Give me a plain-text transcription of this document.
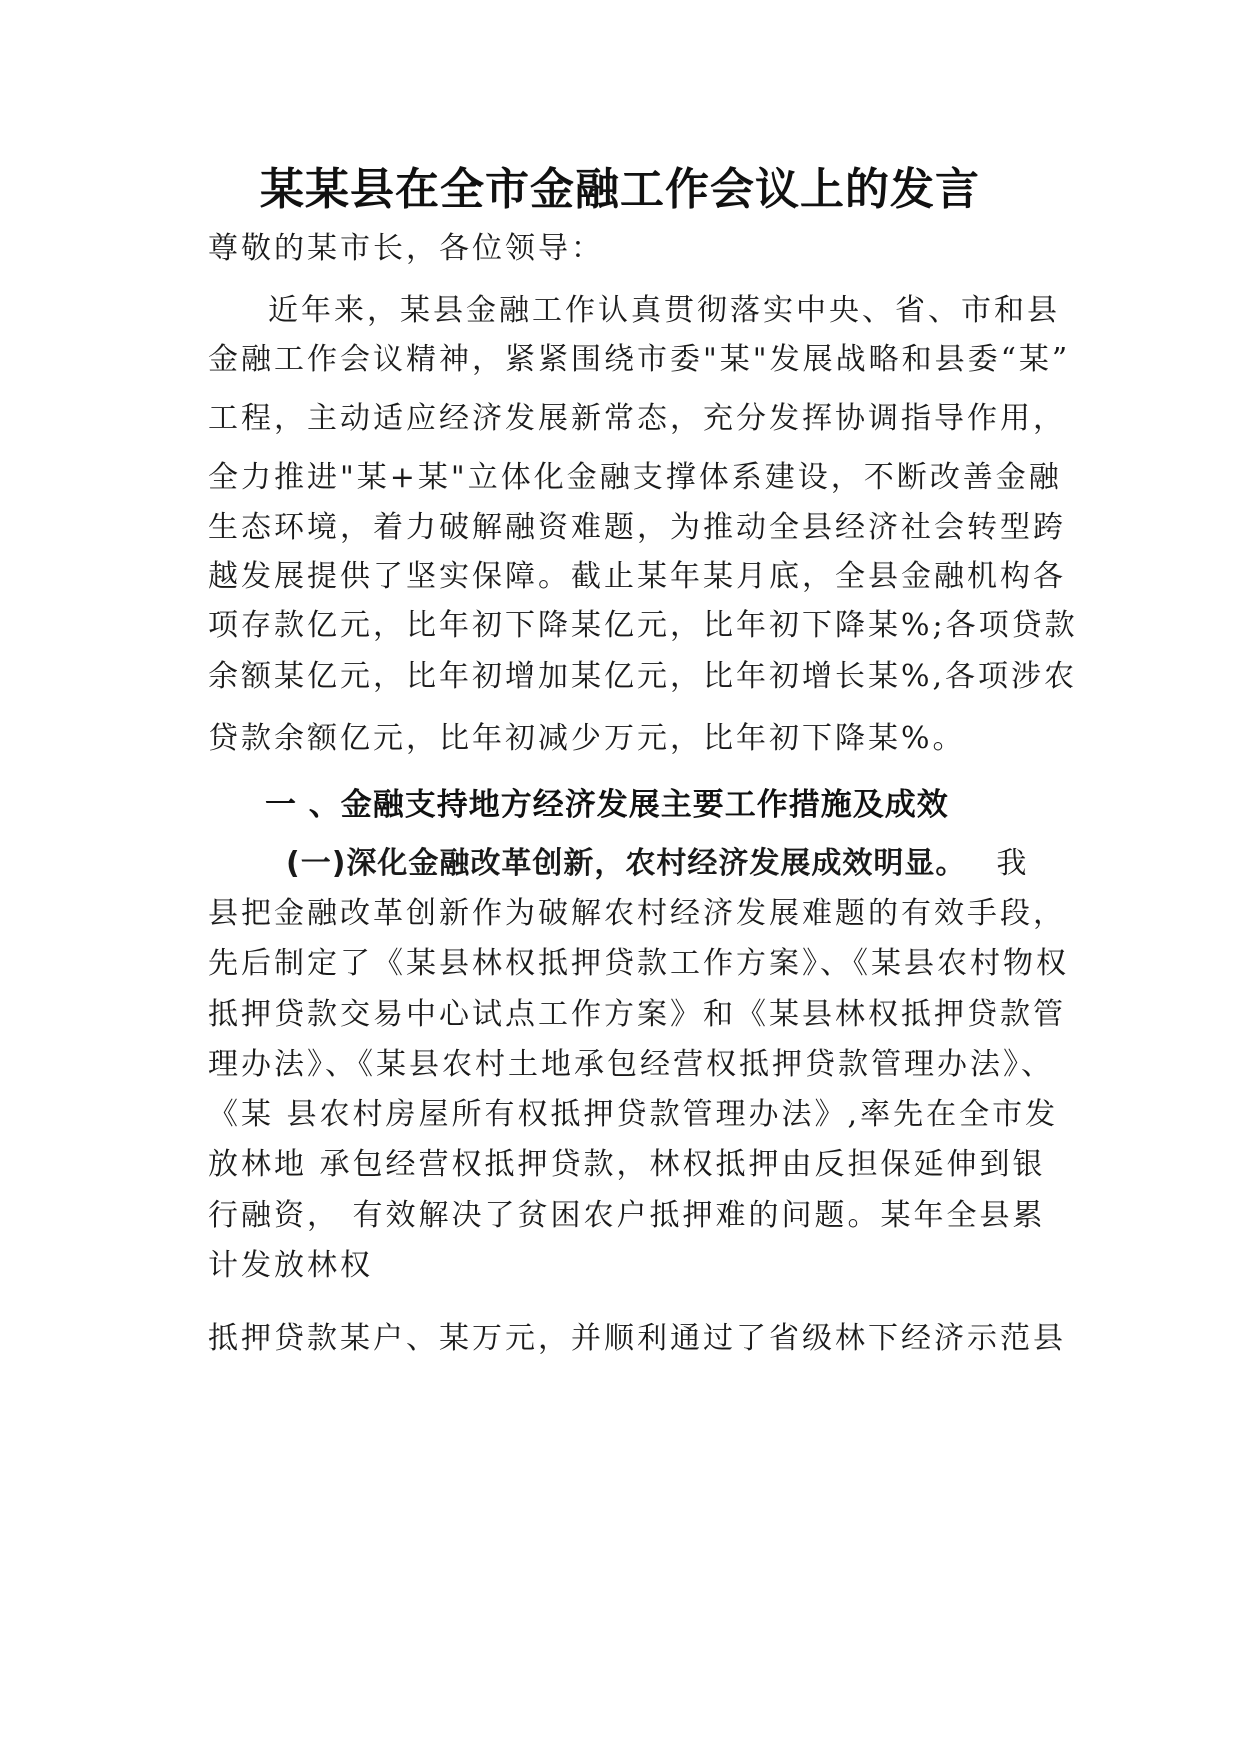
某某县在全市金融工作会议上的发言
尊敬的某市长，各位领导：
近年来，某县金融工作认真贯彻落实中央、省、市和县
金融工作会议精神，紧紧围绕市委"某"发展战略和县委“某”
工程，主动适应经济发展新常态，充分发挥协调指导作用，
全力推进"某+某"立体化金融支撑体系建设，不断改善金融
生态环境，着力破解融资难题，为推动全县经济社会转型跨
越发展提供了坚实保障。截止某年某月底，全县金融机构各
项存款亿元，比年初下降某亿元，比年初下降某%;各项贷款
余额某亿元，比年初增加某亿元，比年初增长某%,各项涉农
贷款余额亿元，比年初减少万元，比年初下降某%。
一 、金融支持地方经济发展主要工作措施及成效
(一)深化金融改革创新，农村经济发展成效明显。 我
县把金融改革创新作为破解农村经济发展难题的有效手段，
先后制定了《某县林权抵押贷款工作方案》、《某县农村物权
抵押贷款交易中心试点工作方案》和《某县林权抵押贷款管
理办法》、《某县农村土地承包经营权抵押贷款管理办法》、
《某 县农村房屋所有权抵押贷款管理办法》,率先在全市发
放林地 承包经营权抵押贷款，林权抵押由反担保延伸到银
行融资， 有效解决了贫困农户抵押难的问题。某年全县累
计发放林权
抵押贷款某户、某万元，并顺利通过了省级林下经济示范县
